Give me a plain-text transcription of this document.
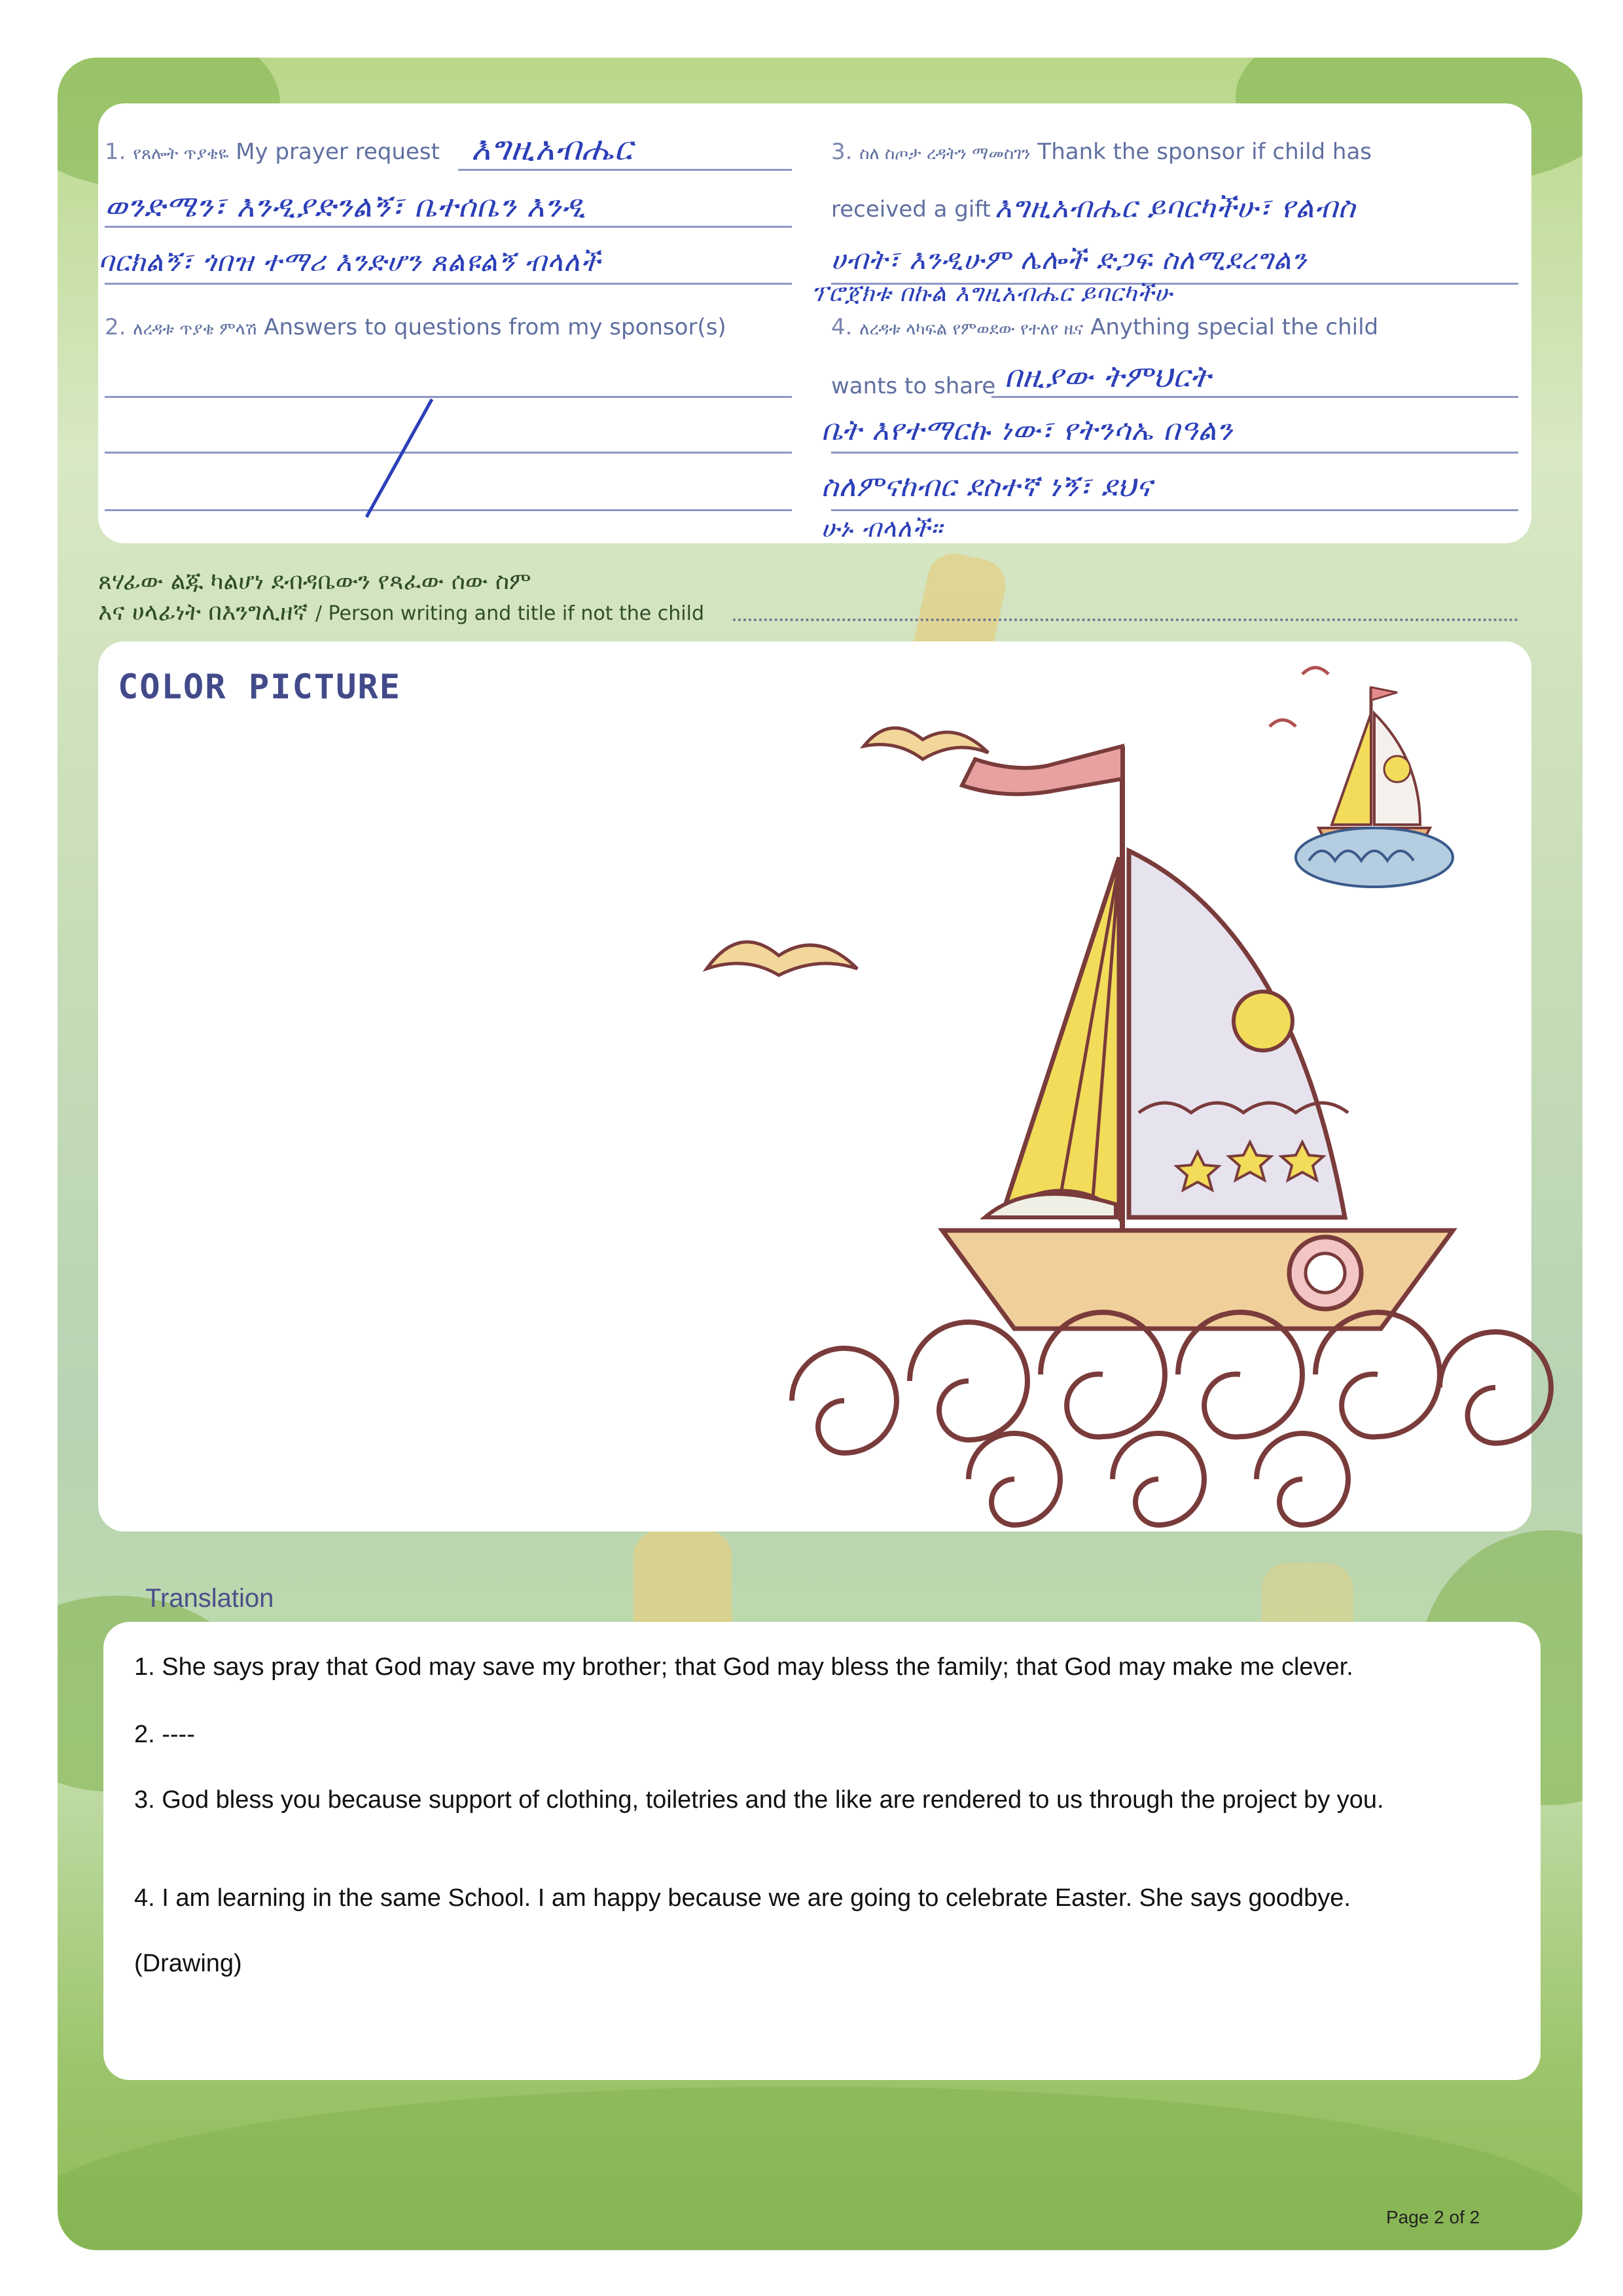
1. የጸሎት ጥያቄዬ My prayer request እግዚአብሔር
ወንድሜን፣ እንዲያድንልኝ፣ ቤተሰቤን እንዲ
ባርክልኝ፣ ጎበዝ ተማሪ እንድሆን ጸልዩልኝ ብላለች
2. ለረዳቱ ጥያቄ ምላሽ Answers to questions from my sponsor(s)
3. ስለ ስጦታ ረዳትን ማመስገን Thank the sponsor if child has
received a gift እግዚአብሔር ይባርካችሁ፣ የልብስ
ሀብት፣ እንዲሁም ሌሎች ድጋፍ ስለሚደረግልን
ፕሮጀክቱ በኩል እግዚአብሔር ይባርካችሁ
4. ለረዳቱ ላካፍል የምወደው የተለየ ዜና Anything special the child
wants to share በዚያው ትምህርት
ቤት እየተማርኩ ነው፣ የትንሳኤ በዓልን
ስለምናከብር ደስተኛ ነኝ፣ ደህና
ሁኑ ብላለች።
ጸሃፊው ልጁ ካልሆነ ደብዳቤውን የጻፈው ሰው ስም
እና ሀላፊነት በእንግሊዘኛ / Person writing and title if not the child
COLOR PICTURE
Translation
1. She says pray that God may save my brother; that God may bless the family; that God may make me clever.
2. ----
3. God bless you because support of clothing, toiletries and the like are rendered to us through the project by you.
4. I am learning in the same School. I am happy because we are going to celebrate Easter. She says goodbye.
(Drawing)
Page 2 of 2
